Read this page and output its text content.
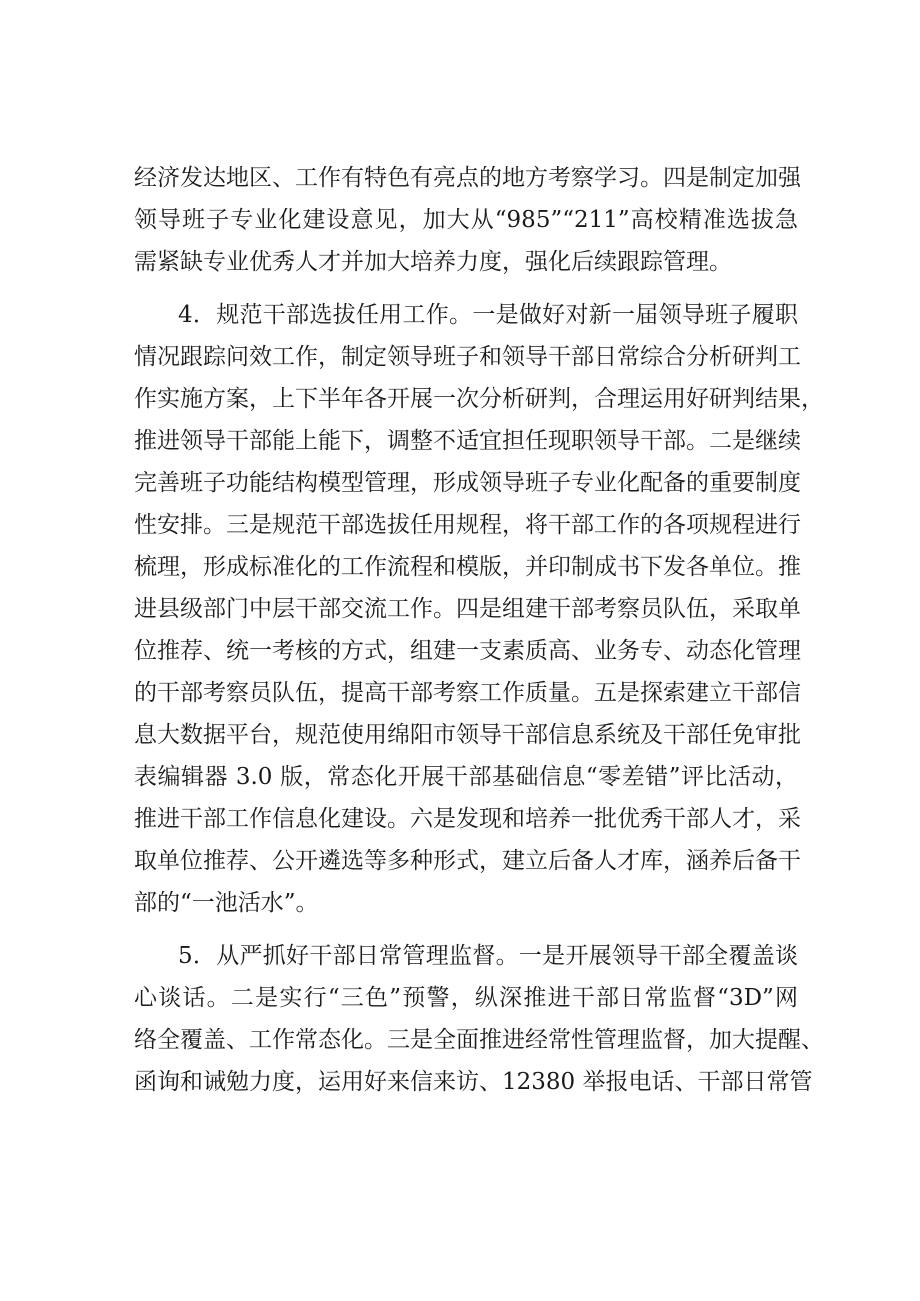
经济发达地区、工作有特色有亮点的地方考察学习。四是制定加强
领导班子专业化建设意见，加大从“985”“211”高校精准选拔急
需紧缺专业优秀人才并加大培养力度，强化后续跟踪管理。
4．规范干部选拔任用工作。一是做好对新一届领导班子履职
情况跟踪问效工作，制定领导班子和领导干部日常综合分析研判工
作实施方案，上下半年各开展一次分析研判，合理运用好研判结果，
推进领导干部能上能下，调整不适宜担任现职领导干部。二是继续
完善班子功能结构模型管理，形成领导班子专业化配备的重要制度
性安排。三是规范干部选拔任用规程，将干部工作的各项规程进行
梳理，形成标准化的工作流程和模版，并印制成书下发各单位。推
进县级部门中层干部交流工作。四是组建干部考察员队伍，采取单
位推荐、统一考核的方式，组建一支素质高、业务专、动态化管理
的干部考察员队伍，提高干部考察工作质量。五是探索建立干部信
息大数据平台，规范使用绵阳市领导干部信息系统及干部任免审批
表编辑器 3.0 版，常态化开展干部基础信息“零差错”评比活动，
推进干部工作信息化建设。六是发现和培养一批优秀干部人才，采
取单位推荐、公开遴选等多种形式，建立后备人才库，涵养后备干
部的“一池活水”。
5．从严抓好干部日常管理监督。一是开展领导干部全覆盖谈
心谈话。二是实行“三色”预警，纵深推进干部日常监督“3D”网
络全覆盖、工作常态化。三是全面推进经常性管理监督，加大提醒、
函询和诫勉力度，运用好来信来访、12380 举报电话、干部日常管
